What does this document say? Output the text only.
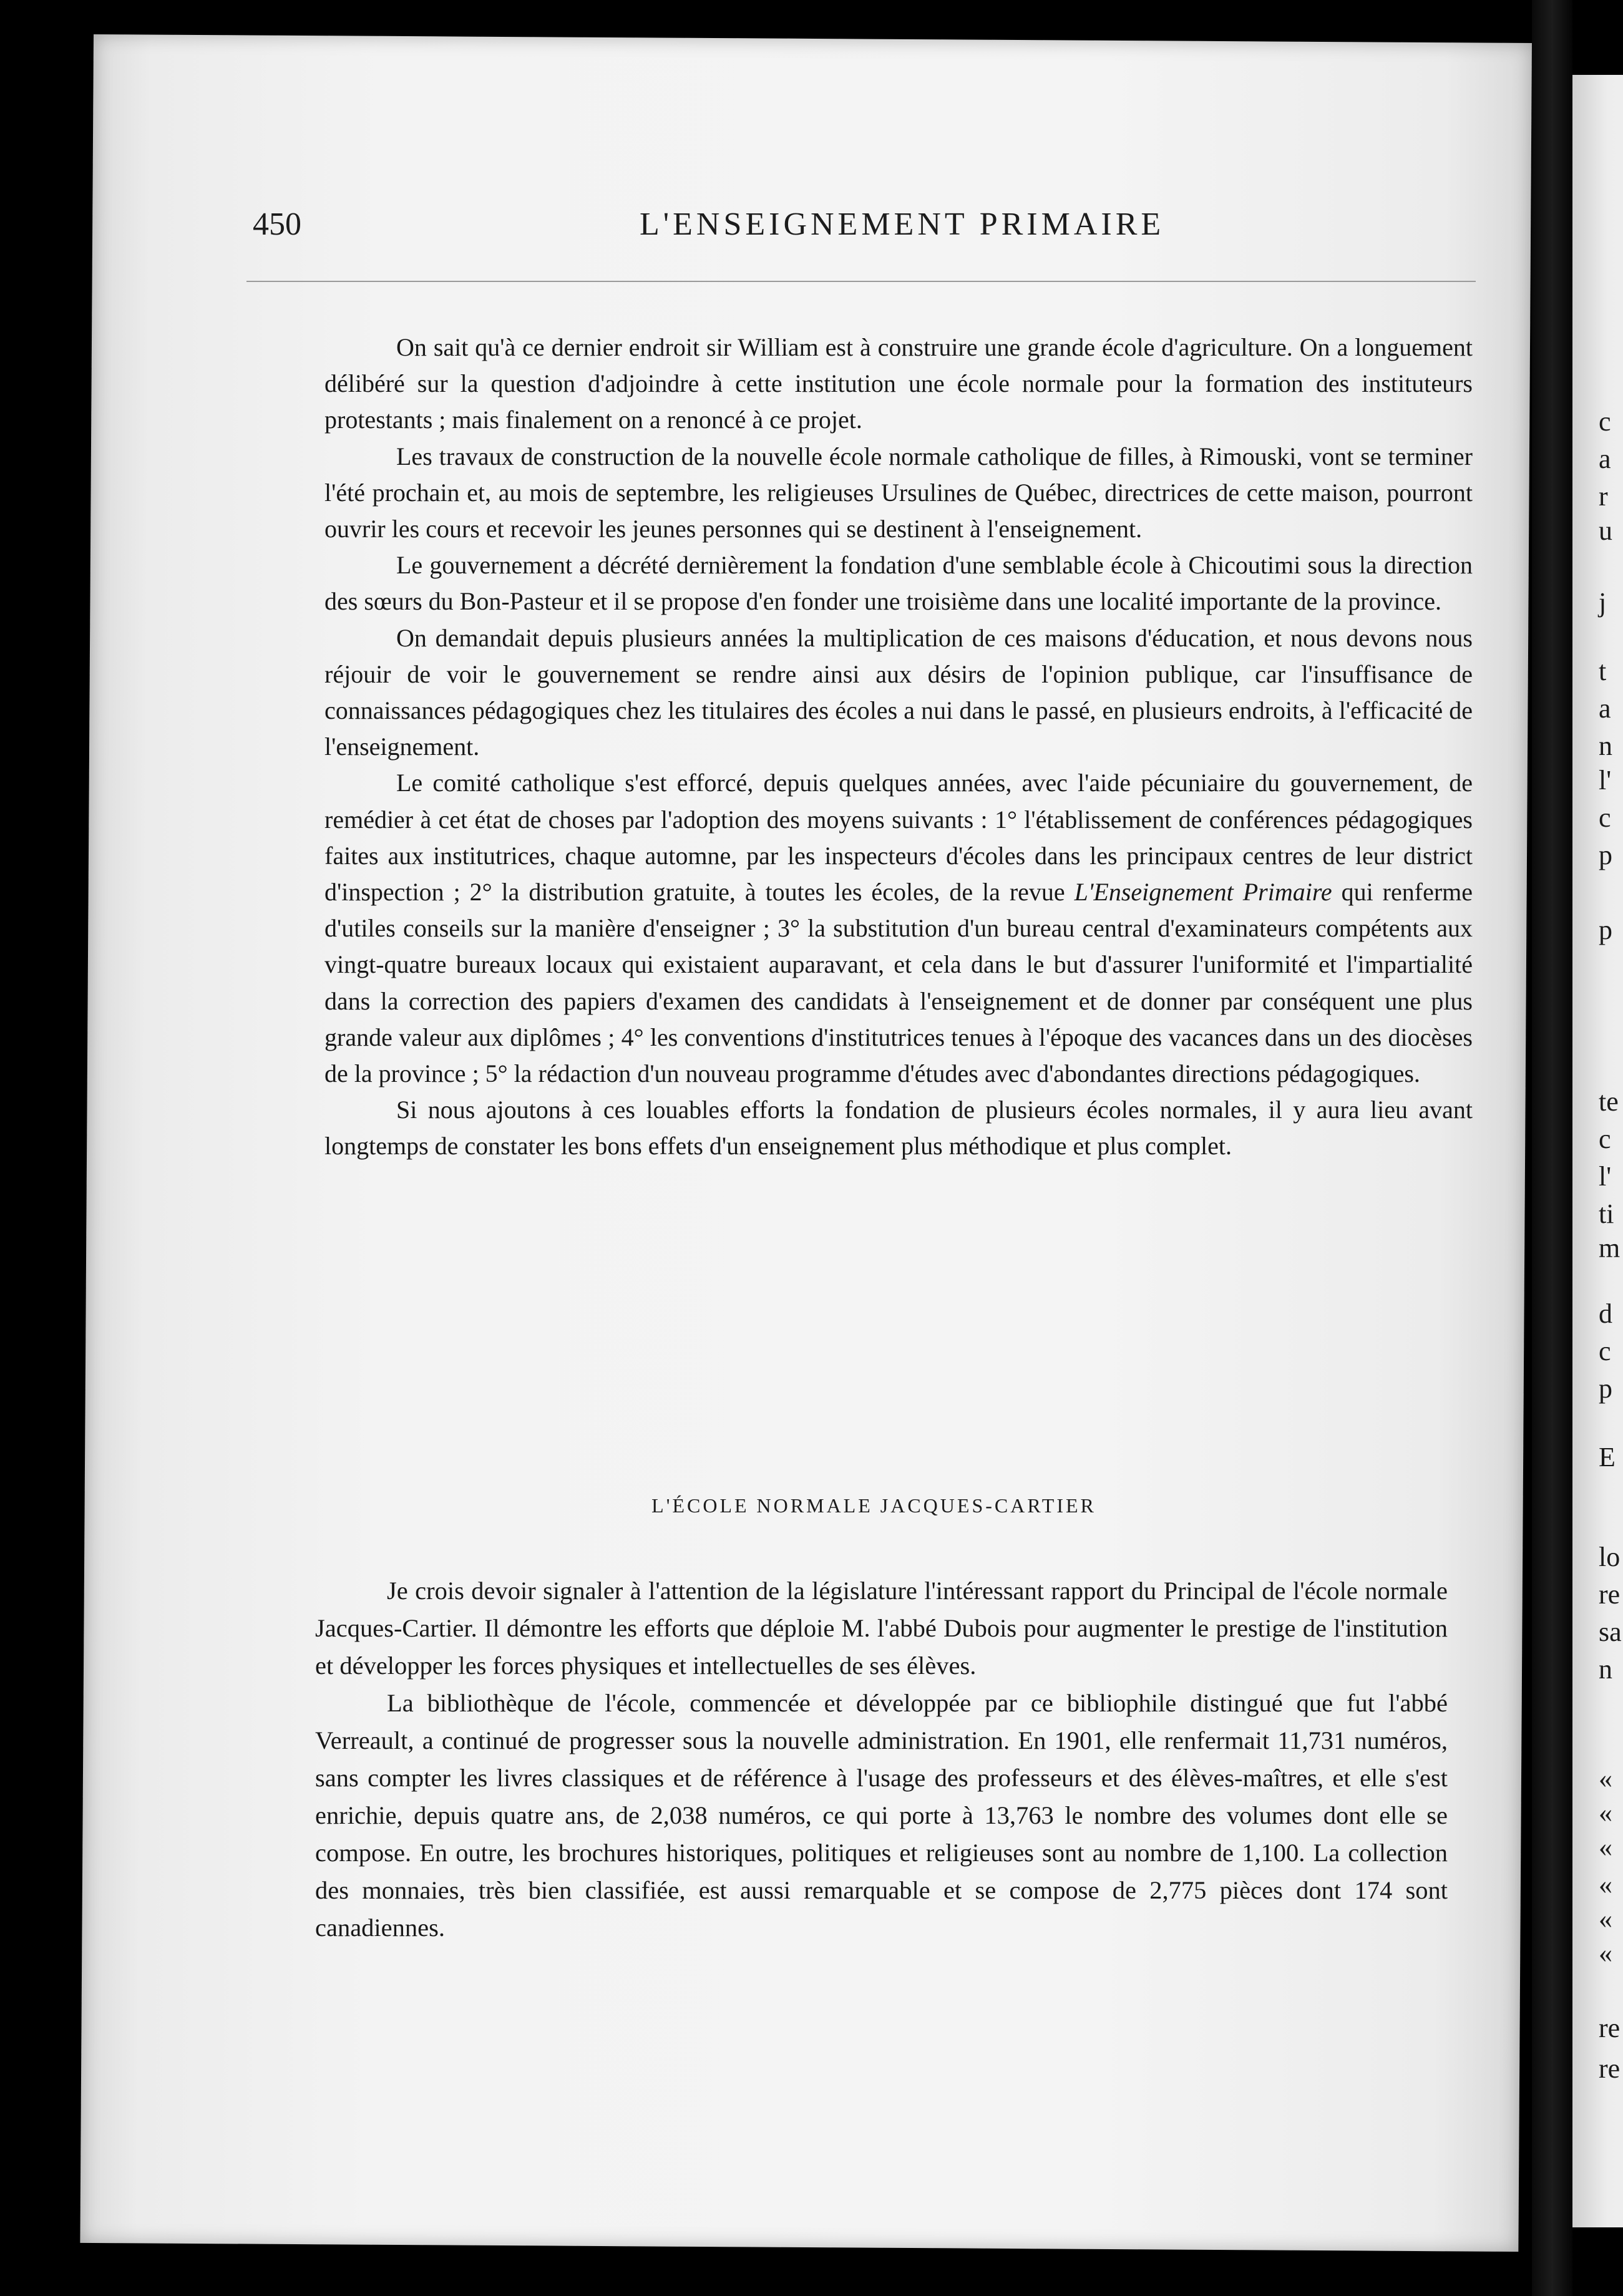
450	L'ENSEIGNEMENT PRIMAIRE

On sait qu'à ce dernier endroit sir William est à construire une grande école d'agriculture. On a longuement délibéré sur la question d'adjoindre à cette institution une école normale pour la formation des instituteurs protestants ; mais finalement on a renoncé à ce projet.

Les travaux de construction de la nouvelle école normale catholique de filles, à Rimouski, vont se terminer l'été prochain et, au mois de septembre, les religieuses Ursulines de Québec, directrices de cette maison, pourront ouvrir les cours et recevoir les jeunes personnes qui se destinent à l'enseignement.

Le gouvernement a décrété dernièrement la fondation d'une semblable école à Chicoutimi sous la direction des sœurs du Bon-Pasteur et il se propose d'en fonder une troisième dans une localité importante de la province.

On demandait depuis plusieurs années la multiplication de ces maisons d'éducation, et nous devons nous réjouir de voir le gouvernement se rendre ainsi aux désirs de l'opinion publique, car l'insuffisance de connaissances pédagogiques chez les titulaires des écoles a nui dans le passé, en plusieurs endroits, à l'efficacité de l'enseignement.

Le comité catholique s'est efforcé, depuis quelques années, avec l'aide pécuniaire du gouvernement, de remédier à cet état de choses par l'adoption des moyens suivants : 1° l'établissement de conférences pédagogiques faites aux institutrices, chaque automne, par les inspecteurs d'écoles dans les principaux centres de leur district d'inspection ; 2° la distribution gratuite, à toutes les écoles, de la revue L'Enseignement Primaire qui renferme d'utiles conseils sur la manière d'enseigner ; 3° la substitution d'un bureau central d'examinateurs compétents aux vingt-quatre bureaux locaux qui existaient auparavant, et cela dans le but d'assurer l'uniformité et l'impartialité dans la correction des papiers d'examen des candidats à l'enseignement et de donner par conséquent une plus grande valeur aux diplômes ; 4° les conventions d'institutrices tenues à l'époque des vacances dans un des diocèses de la province ; 5° la rédaction d'un nouveau programme d'études avec d'abondantes directions pédagogiques.

Si nous ajoutons à ces louables efforts la fondation de plusieurs écoles normales, il y aura lieu avant longtemps de constater les bons effets d'un enseignement plus méthodique et plus complet.

L'ÉCOLE NORMALE JACQUES-CARTIER

Je crois devoir signaler à l'attention de la législature l'intéressant rapport du Principal de l'école normale Jacques-Cartier. Il démontre les efforts que déploie M. l'abbé Dubois pour augmenter le prestige de l'institution et développer les forces physiques et intellectuelles de ses élèves.

La bibliothèque de l'école, commencée et développée par ce bibliophile distingué que fut l'abbé Verreault, a continué de progresser sous la nouvelle administration. En 1901, elle renfermait 11,731 numéros, sans compter les livres classiques et de référence à l'usage des professeurs et des élèves-maîtres, et elle s'est enrichie, depuis quatre ans, de 2,038 numéros, ce qui porte à 13,763 le nombre des volumes dont elle se compose. En outre, les brochures historiques, politiques et religieuses sont au nombre de 1,100. La collection des monnaies, très bien classifiée, est aussi remarquable et se compose de 2,775 pièces dont 174 sont canadiennes.

c
a
r
u
j
t
a
n
l'
c
p
p
te
c
l'
ti
m
d
c
p
E
lo
re
sa
n
«
«
«
«
«
«
re
re
